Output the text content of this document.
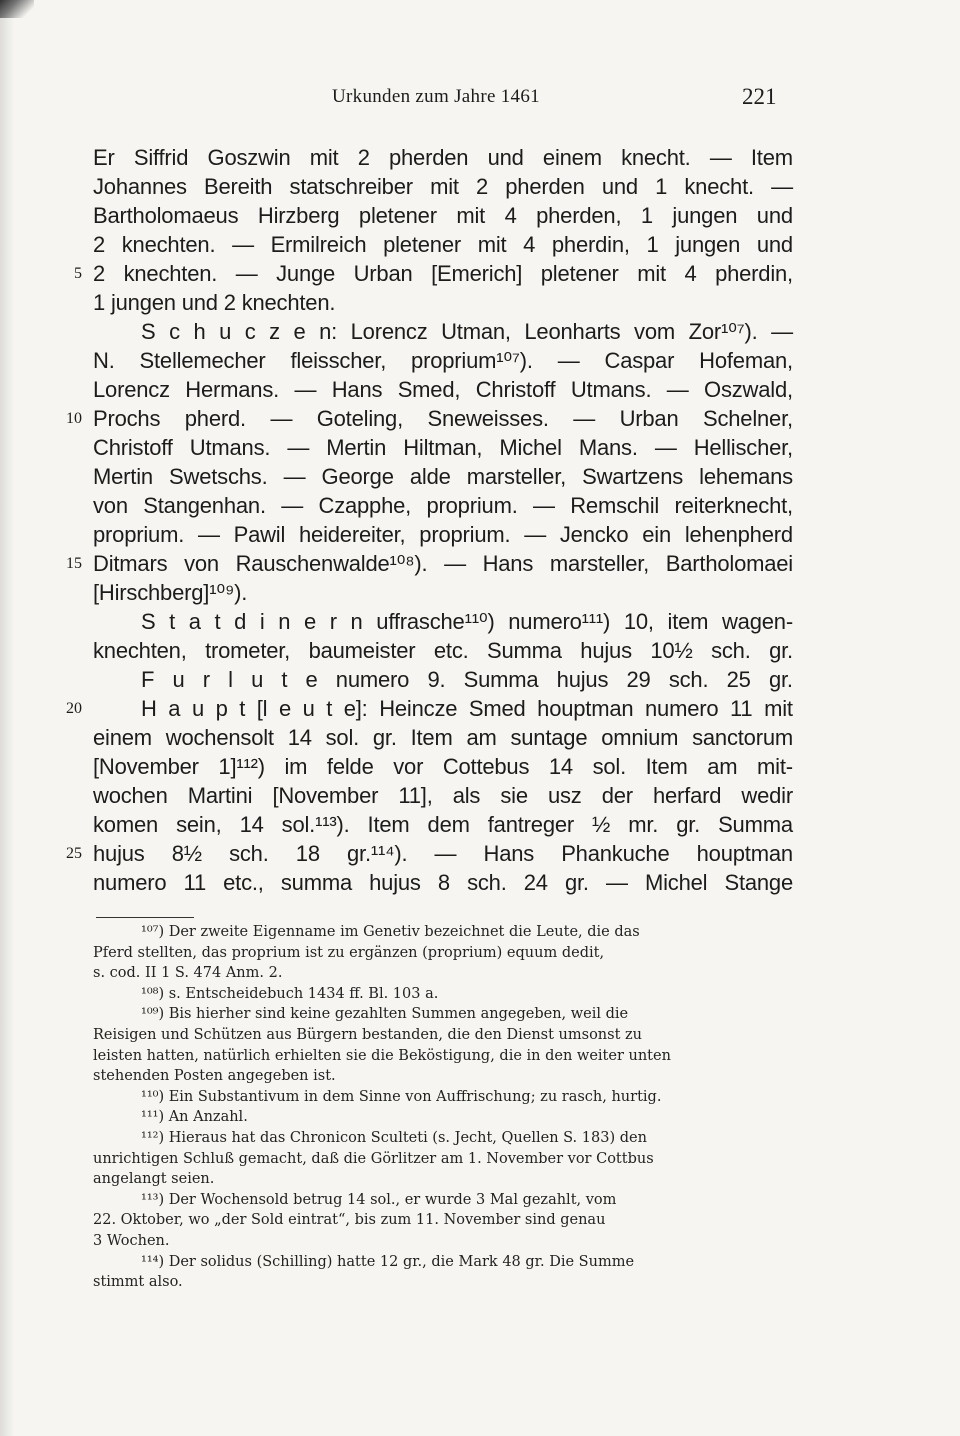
Urkunden zum Jahre 1461	221
5
10
15
20
25
Er Siffrid Goszwin mit 2 pherden und einem knecht. — Item
Johannes Bereith statschreiber mit 2 pherden und 1 knecht. —
Bartholomaeus Hirzberg pletener mit 4 pherden, 1 jungen und
2 knechten. — Ermilreich pletener mit 4 pherdin, 1 jungen und
2 knechten. — Junge Urban [Emerich] pletener mit 4 pherdin,
1 jungen und 2 knechten.
S c h u c z e n: Lorencz Utman, Leonharts vom Zor¹⁰⁷). —
N. Stellemecher fleisscher, proprium¹⁰⁷). — Caspar Hofeman,
Lorencz Hermans. — Hans Smed, Christoff Utmans. — Oszwald,
Prochs pherd. — Goteling, Sneweisses. — Urban Schelner,
Christoff Utmans. — Mertin Hiltman, Michel Mans. — Hellischer,
Mertin Swetschs. — George alde marsteller, Swartzens lehemans
von Stangenhan. — Czapphe, proprium. — Remschil reiterknecht,
proprium. — Pawil heidereiter, proprium. — Jencko ein lehenpherd
Ditmars von Rauschenwalde¹⁰⁸). — Hans marsteller, Bartholomaei
[Hirschberg]¹⁰⁹).
S t a t d i n e r n uffrasche¹¹⁰) numero¹¹¹) 10, item wagen-
knechten, trometer, baumeister etc. Summa hujus 10½ sch. gr.
F u r l u t e numero 9. Summa hujus 29 sch. 25 gr.
H a u p t [l e u t e]: Heincze Smed houptman numero 11 mit
einem wochensolt 14 sol. gr. Item am suntage omnium sanctorum
[November 1]¹¹²) im felde vor Cottebus 14 sol. Item am mit-
wochen Martini [November 11], als sie usz der herfard wedir
komen sein, 14 sol.¹¹³). Item dem fantreger ½ mr. gr. Summa
hujus 8½ sch. 18 gr.¹¹⁴). — Hans Phankuche houptman
numero 11 etc., summa hujus 8 sch. 24 gr. — Michel Stange
¹⁰⁷) Der zweite Eigenname im Genetiv bezeichnet die Leute, die das
Pferd stellten, das proprium ist zu ergänzen (proprium) equum dedit,
s. cod. II 1 S. 474 Anm. 2.
¹⁰⁸) s. Entscheidebuch 1434 ff. Bl. 103 a.
¹⁰⁹) Bis hierher sind keine gezahlten Summen angegeben, weil die
Reisigen und Schützen aus Bürgern bestanden, die den Dienst umsonst zu
leisten hatten, natürlich erhielten sie die Beköstigung, die in den weiter unten
stehenden Posten angegeben ist.
¹¹⁰) Ein Substantivum in dem Sinne von Auffrischung; zu rasch, hurtig.
¹¹¹) An Anzahl.
¹¹²) Hieraus hat das Chronicon Sculteti (s. Jecht, Quellen S. 183) den
unrichtigen Schluß gemacht, daß die Görlitzer am 1. November vor Cottbus
angelangt seien.
¹¹³) Der Wochensold betrug 14 sol., er wurde 3 Mal gezahlt, vom
22. Oktober, wo „der Sold eintrat“, bis zum 11. November sind genau
3 Wochen.
¹¹⁴) Der solidus (Schilling) hatte 12 gr., die Mark 48 gr. Die Summe
stimmt also.
